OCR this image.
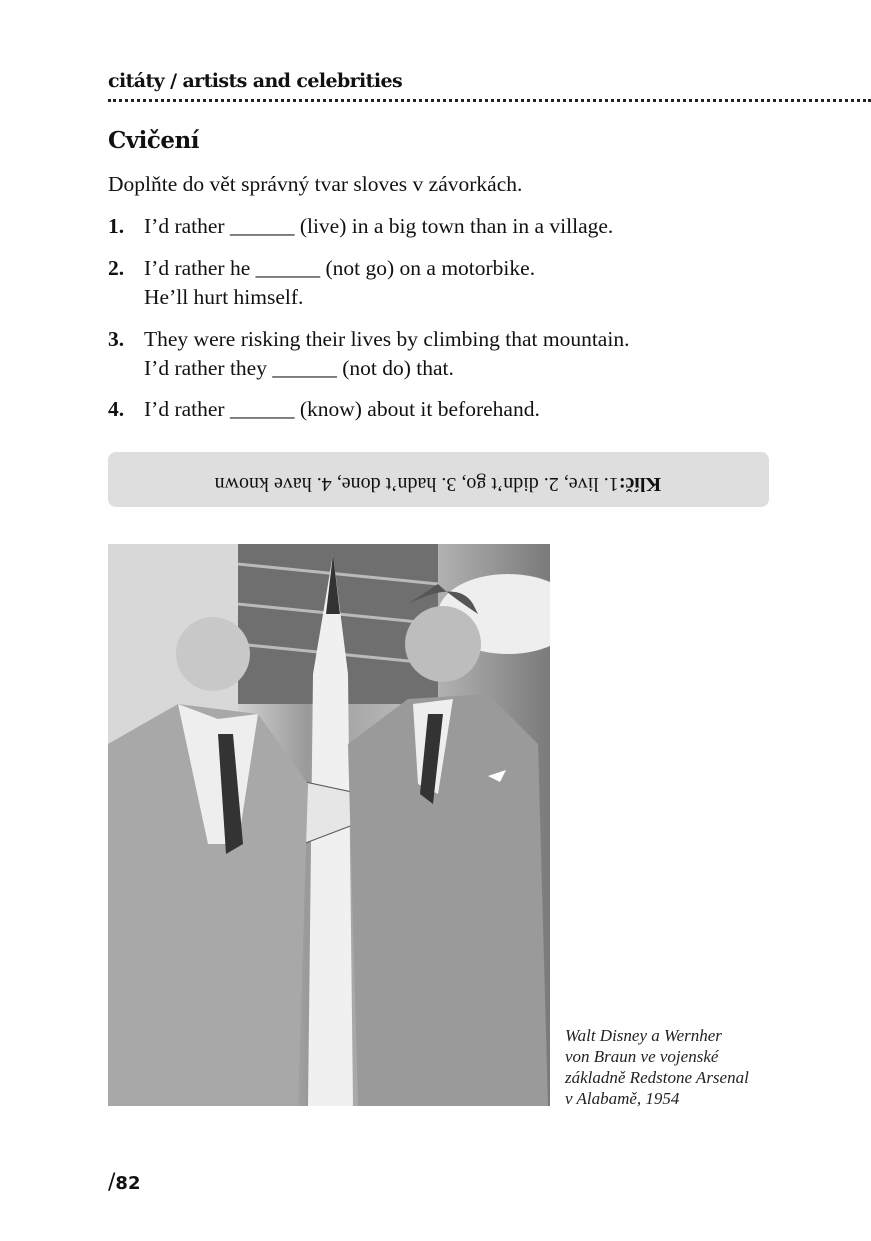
citáty / artists and celebrities
Cvičení
Doplňte do vět správný tvar sloves v závorkách.
1. I’d rather ______ (live) in a big town than in a village.
2. I’d rather he ______ (not go) on a motorbike.
He’ll hurt himself.
3. They were risking their lives by climbing that mountain.
I’d rather they ______ (not do) that.
4. I’d rather ______ (know) about it beforehand.
Klíč:1. live, 2. didn’t go, 3. hadn’t done, 4. have known
Walt Disney a Wernher
von Braun ve vojenské
základně Redstone Arsenal
v Alabamě, 1954
/82
